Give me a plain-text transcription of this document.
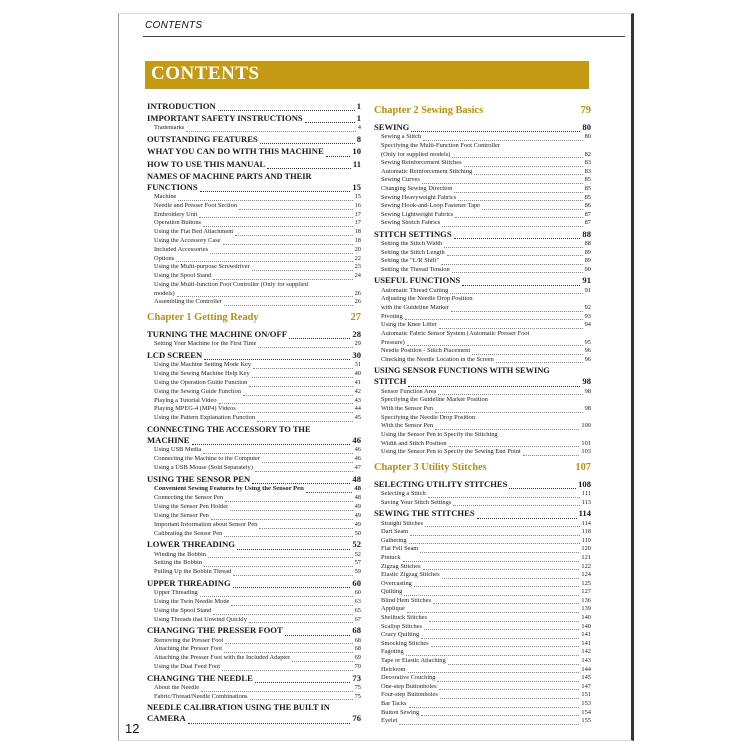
CONTENTS
CONTENTS
INTRODUCTION	1
IMPORTANT SAFETY INSTRUCTIONS	1
Trademarks	4
OUTSTANDING FEATURES	8
WHAT YOU CAN DO WITH THIS MACHINE	10
HOW TO USE THIS MANUAL	11
NAMES OF MACHINE PARTS AND THEIR
FUNCTIONS	15
Machine	15
Needle and Presser Foot Section	16
Embroidery Unit	17
Operation Buttons	17
Using the Flat Bed Attachment	18
Using the Accessory Case	18
Included Accessories	20
Options	22
Using the Multi-purpose Screwdriver	23
Using the Spool Stand	24
Using the Multi-function Foot Controller (Only for supplied
models)	26
Assembling the Controller	26
Chapter 1 Getting Ready	27
TURNING THE MACHINE ON/OFF	28
Setting Your Machine for the First Time	29
LCD SCREEN	30
Using the Machine Setting Mode Key	31
Using the Sewing Machine Help Key	40
Using the Operation Guide Function	41
Using the Sewing Guide Function	42
Playing a Tutorial Video	43
Playing MPEG-4 (MP4) Videos	44
Using the Pattern Explanation Function	45
CONNECTING THE ACCESSORY TO THE
MACHINE	46
Using USB Media	46
Connecting the Machine to the Computer	46
Using a USB Mouse (Sold Separately)	47
USING THE SENSOR PEN	48
Convenient Sewing Features by Using the Sensor Pen	48
Connecting the Sensor Pen	48
Using the Sensor Pen Holder	49
Using the Sensor Pen	49
Important Information about Sensor Pen	49
Calibrating the Sensor Pen	50
LOWER THREADING	52
Winding the Bobbin	52
Setting the Bobbin	57
Pulling Up the Bobbin Thread	59
UPPER THREADING	60
Upper Threading	60
Using the Twin Needle Mode	63
Using the Spool Stand	65
Using Threads that Unwind Quickly	67
CHANGING THE PRESSER FOOT	68
Removing the Presser Foot	68
Attaching the Presser Foot	68
Attaching the Presser Foot with the Included Adapter	69
Using the Dual Feed Foot	70
CHANGING THE NEEDLE	73
About the Needle	75
Fabric/Thread/Needle Combinations	75
NEEDLE CALIBRATION USING THE BUILT IN
CAMERA	76
Chapter 2 Sewing Basics	79
SEWING	80
Sewing a Stitch	80
Specifying the Multi-Function Foot Controller
(Only for supplied models)	82
Sewing Reinforcement Stitches	83
Automatic Reinforcement Stitching	83
Sewing Curves	85
Changing Sewing Direction	85
Sewing Heavyweight Fabrics	85
Sewing Hook-and-Loop Fastener Tape	86
Sewing Lightweight Fabrics	87
Sewing Stretch Fabrics	87
STITCH SETTINGS	88
Setting the Stitch Width	88
Setting the Stitch Length	89
Setting the "L/R Shift"	89
Setting the Thread Tension	90
USEFUL FUNCTIONS	91
Automatic Thread Cutting	91
Adjusting the Needle Drop Position
with the Guideline Marker	92
Pivoting	93
Using the Knee Lifter	94
Automatic Fabric Sensor System (Automatic Presser Foot
Pressure)	95
Needle Position - Stitch Placement	96
Checking the Needle Location in the Screen	96
USING SENSOR FUNCTIONS WITH SEWING
STITCH	98
Sensor Function Area	98
Specifying the Guideline Marker Position
With the Sensor Pen	98
Specifying the Needle Drop Position
With the Sensor Pen	100
Using the Sensor Pen to Specify the Stitching
Width and Stitch Position	101
Using the Sensor Pen to Specify the Sewing End Point	103
Chapter 3 Utility Stitches	107
SELECTING UTILITY STITCHES	108
Selecting a Stitch	111
Saving Your Stitch Settings	113
SEWING THE STITCHES	114
Straight Stitches	114
Dart Seam	118
Gathering	119
Flat Fell Seam	120
Pintuck	121
Zigzag Stitches	122
Elastic Zigzag Stitches	124
Overcasting	125
Quilting	127
Blind Hem Stitches	136
Appliqué	139
Shelltuck Stitches	140
Scallop Stitches	140
Crazy Quilting	141
Smocking Stitches	141
Fagoting	142
Tape or Elastic Attaching	143
Heirloom	144
Decorative Couching	145
One-step Buttonholes	147
Four-step Buttonholes	151
Bar Tacks	153
Button Sewing	154
Eyelet	155
12
